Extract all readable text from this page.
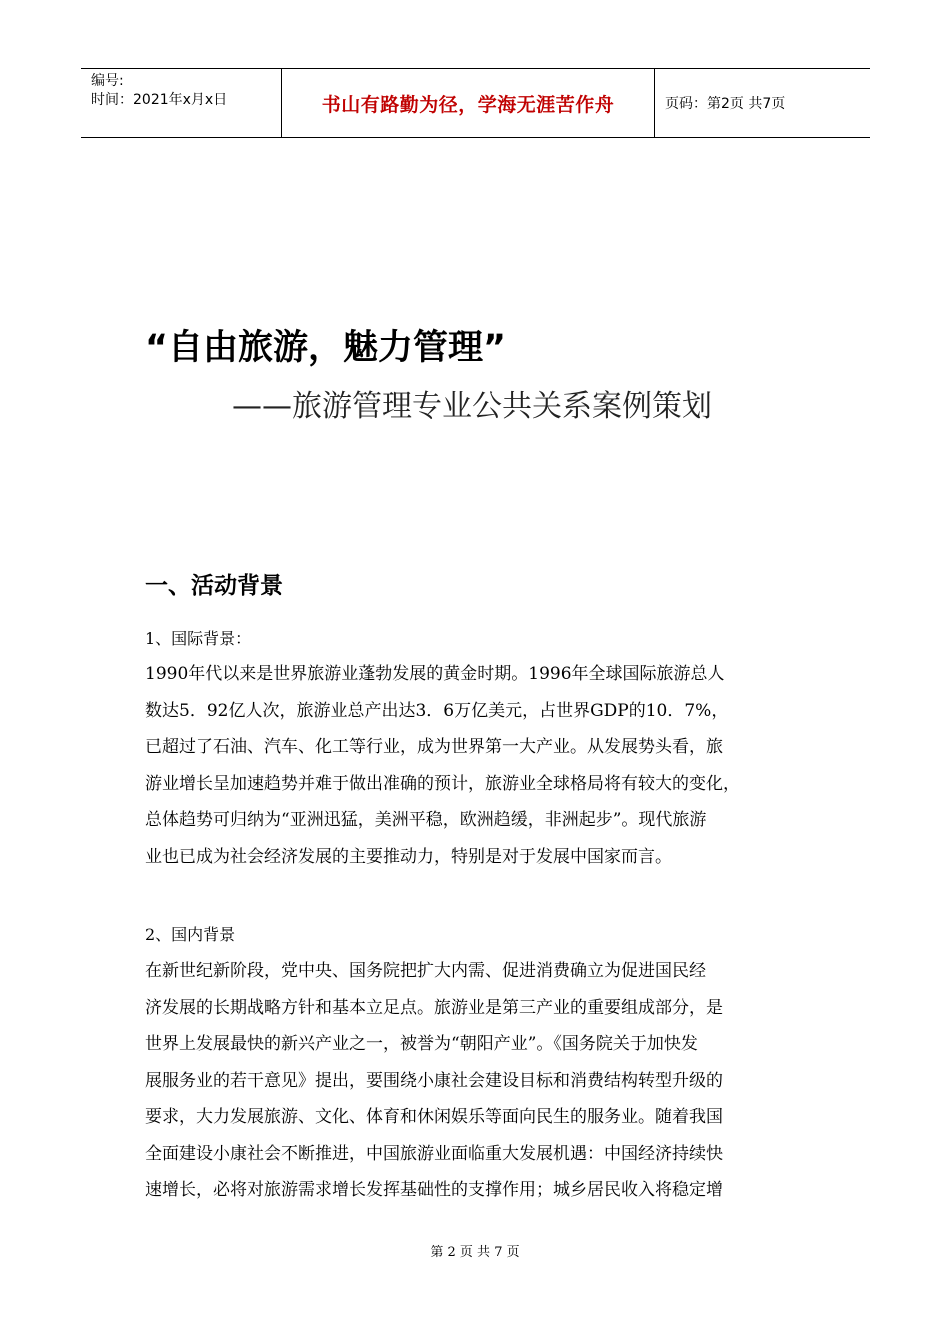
编号:
时间：2021年x月x日	书山有路勤为径，学海无涯苦作舟	页码：第2页 共7页
“自由旅游，魅力管理”
——旅游管理专业公共关系案例策划
一、活动背景
1、国际背景：
1990年代以来是世界旅游业蓬勃发展的黄金时期。1996年全球国际旅游总人
数达5．92亿人次，旅游业总产出达3．6万亿美元，占世界GDP的10．7%，
已超过了石油、汽车、化工等行业，成为世界第一大产业。从发展势头看，旅
游业增长呈加速趋势并难于做出准确的预计，旅游业全球格局将有较大的变化，
总体趋势可归纳为“亚洲迅猛，美洲平稳，欧洲趋缓，非洲起步”。现代旅游
业也已成为社会经济发展的主要推动力，特别是对于发展中国家而言。
2、国内背景
在新世纪新阶段，党中央、国务院把扩大内需、促进消费确立为促进国民经
济发展的长期战略方针和基本立足点。旅游业是第三产业的重要组成部分，是
世界上发展最快的新兴产业之一，被誉为“朝阳产业”。《国务院关于加快发
展服务业的若干意见》提出，要围绕小康社会建设目标和消费结构转型升级的
要求，大力发展旅游、文化、体育和休闲娱乐等面向民生的服务业。随着我国
全面建设小康社会不断推进，中国旅游业面临重大发展机遇：中国经济持续快
速增长，必将对旅游需求增长发挥基础性的支撑作用；城乡居民收入将稳定增
第 2 页 共 7 页
